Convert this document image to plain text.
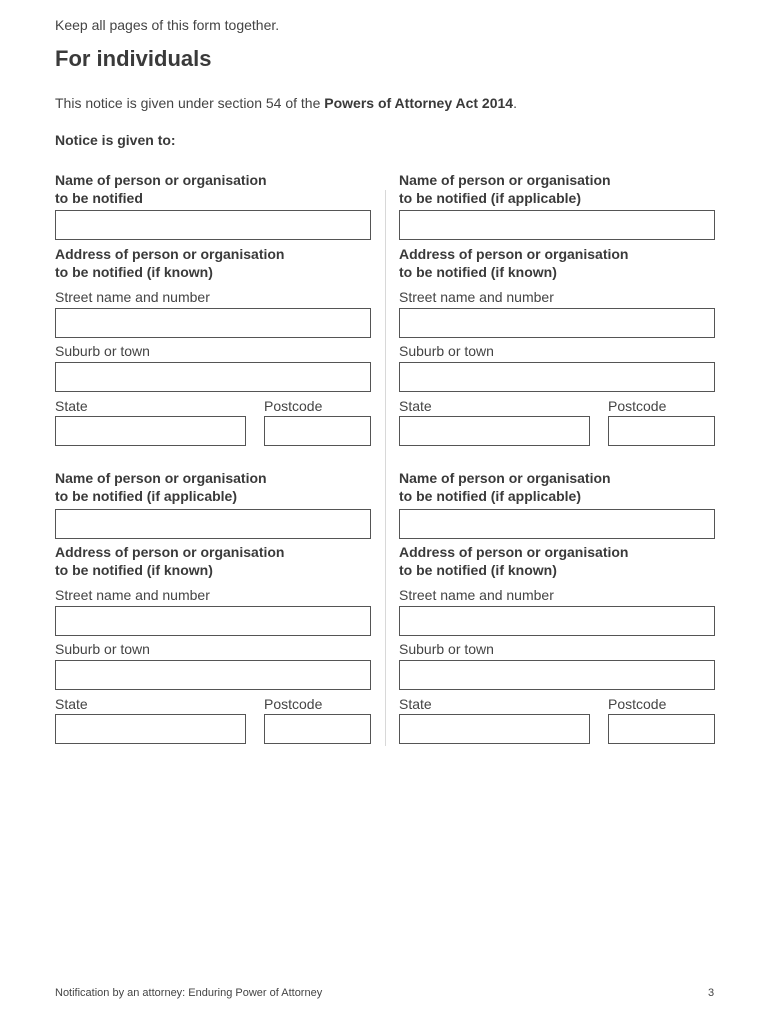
Keep all pages of this form together.
For individuals
This notice is given under section 54 of the Powers of Attorney Act 2014.
Notice is given to:
Name of person or organisation
to be notified
Address of person or organisation
to be notified (if known)
Street name and number
Suburb or town
State	Postcode
Name of person or organisation
to be notified (if applicable)
Address of person or organisation
to be notified (if known)
Street name and number
Suburb or town
State	Postcode
Name of person or organisation
to be notified (if applicable)
Address of person or organisation
to be notified (if known)
Street name and number
Suburb or town
State	Postcode
Name of person or organisation
to be notified (if applicable)
Address of person or organisation
to be notified (if known)
Street name and number
Suburb or town
State	Postcode
Notification by an attorney: Enduring Power of Attorney	3
